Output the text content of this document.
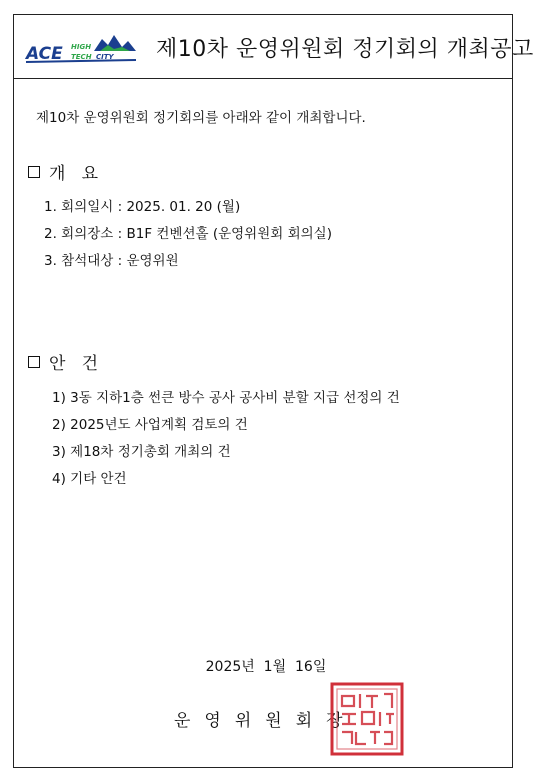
ACE HIGH
TECH CITY 제10차 운영위원회 정기회의 개최공고
제10차 운영위원회 정기회의를 아래와 같이 개최합니다.
개   요
1. 회의일시 : 2025. 01. 20 (월)
2. 회의장소 : B1F 컨벤션홀 (운영위원회 회의실)
3. 참석대상 : 운영위원
안   건
1) 3동 지하1층 썬큰 방수 공사 공사비 분할 지급 선정의 건
2) 2025년도 사업계획 검토의 건
3) 제18차 정기총회 개최의 건
4) 기타 안건
2025년  1월  16일
운영위원회장
